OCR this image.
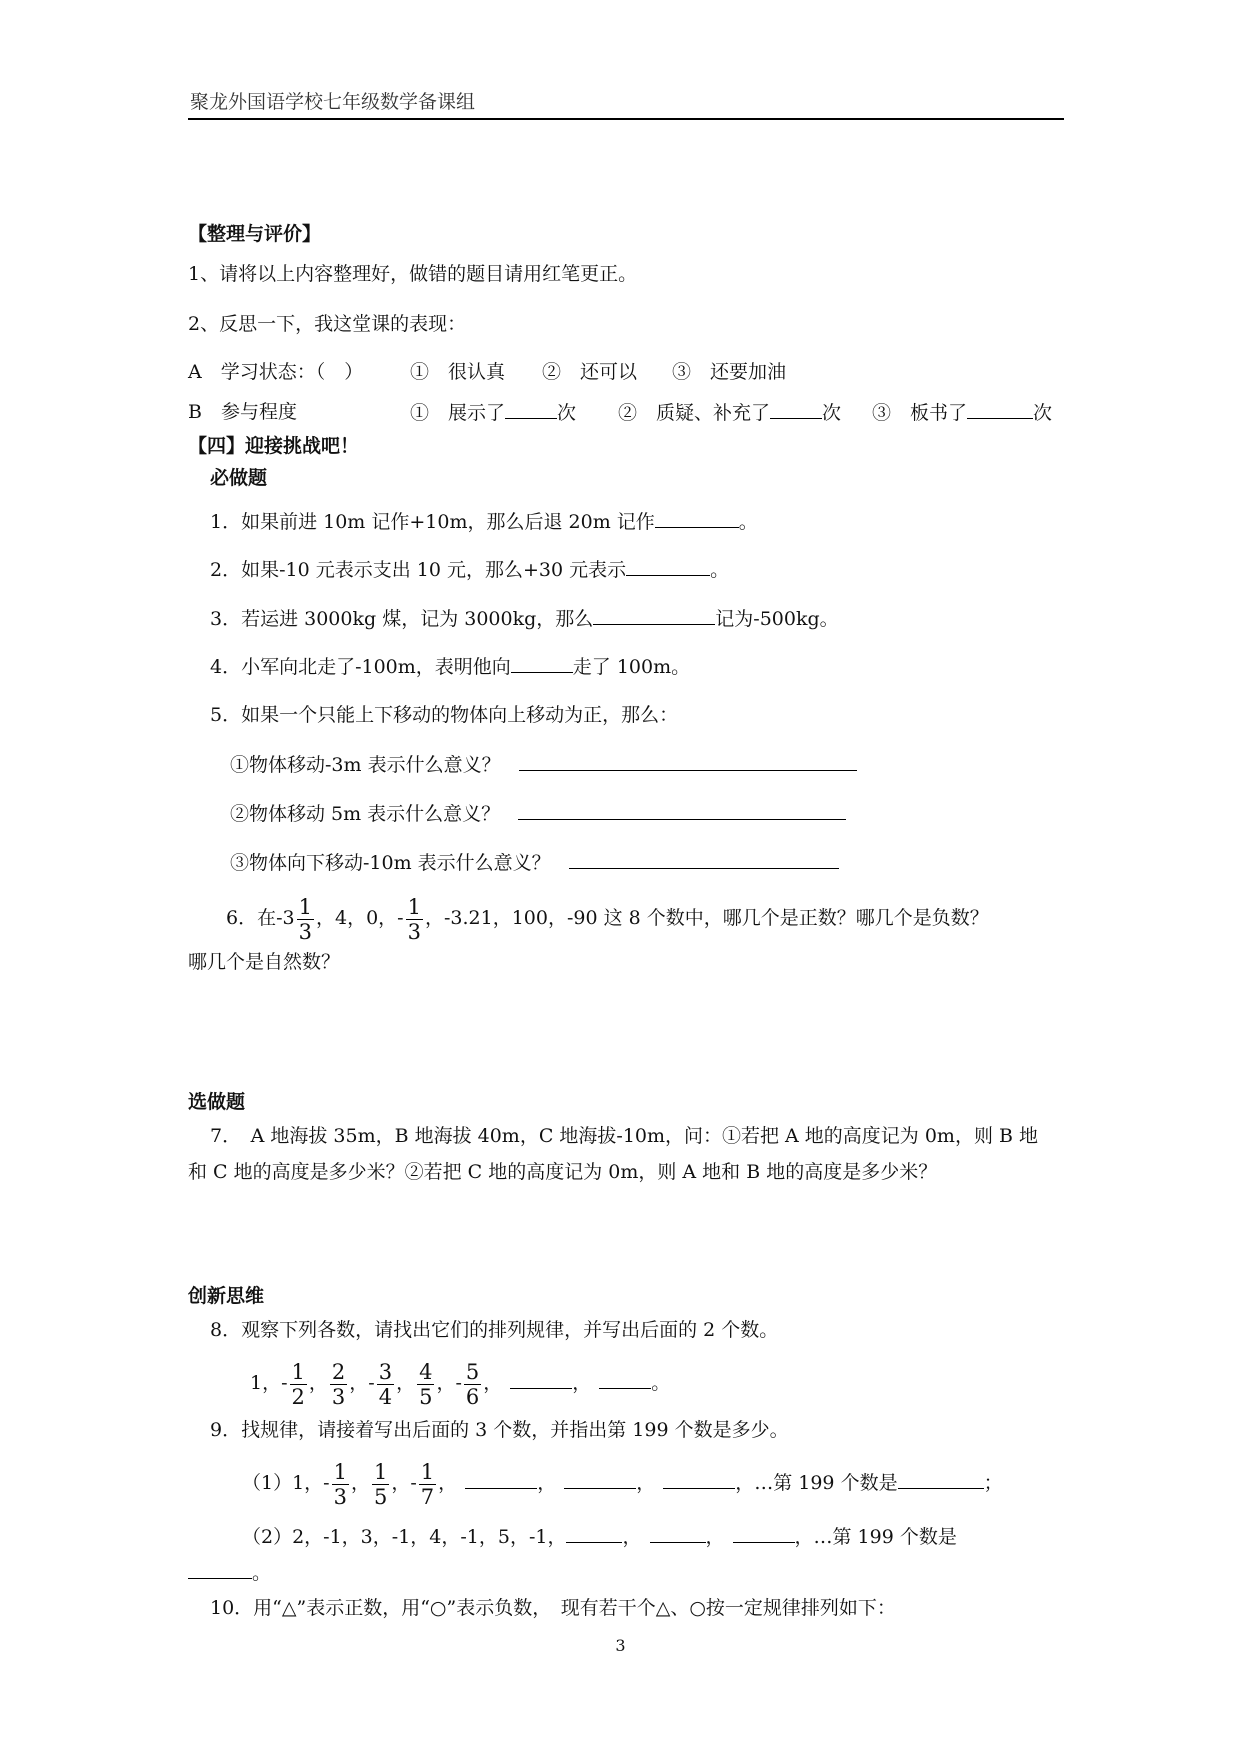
聚龙外国语学校七年级数学备课组
【整理与评价】
1、请将以上内容整理好，做错的题目请用红笔更正。
2、反思一下，我这堂课的表现：
A　学习状态：（　） ①　很认真 ②　还可以 ③　还要加油
B　参与程度	①　展示了	次 ②　质疑、补充了	次 ③　板书了	次
【四】迎接挑战吧！
必做题
1．如果前进 10m 记作+10m，那么后退 20m 记作	。
2．如果-10 元表示支出 10 元，那么+30 元表示	。
3．若运进 3000kg 煤，记为 3000kg，那么	记为-500kg。
4．小军向北走了-100m，表明他向	走了 100m。
5．如果一个只能上下移动的物体向上移动为正，那么：
①物体移动-3m 表示什么意义？
②物体移动 5m 表示什么意义？
③物体向下移动-10m 表示什么意义？
6．在$-3 \frac{1}{3}$ ，4，0，- $\frac{1}{3}$ ，-3.21，100，-90 这 8 个数中，哪几个是正数？哪几个是负数？
哪几个是自然数？
选做题
7．　A 地海拔 35m，B 地海拔 40m，C 地海拔-10m，问：①若把 A 地的高度记为 0m，则 B 地
和 C 地的高度是多少米？②若把 C 地的高度记为 0m，则 A 地和 B 地的高度是多少米？
创新思维
8．观察下列各数，请找出它们的排列规律，并写出后面的 2 个数。
1，- $\frac{1}{2}$ ， $\frac{2}{3}$ ，- $\frac{3}{4}$ ， $\frac{4}{5}$ ，- $\frac{5}{6}$ ，	，	。
9．找规律，请接着写出后面的 3 个数，并指出第 199 个数是多少。
（1）1，- $\frac{1}{3}$ ， $\frac{1}{5}$ ，- $\frac{1}{7}$ ，	，	，	，…第 199 个数是	；
（2）2，-1，3，-1，4，-1，5，-1，	，	，	，…第 199 个数是
。
10．用“△”表示正数，用“○”表示负数，　现有若干个△、○按一定规律排列如下：
3
